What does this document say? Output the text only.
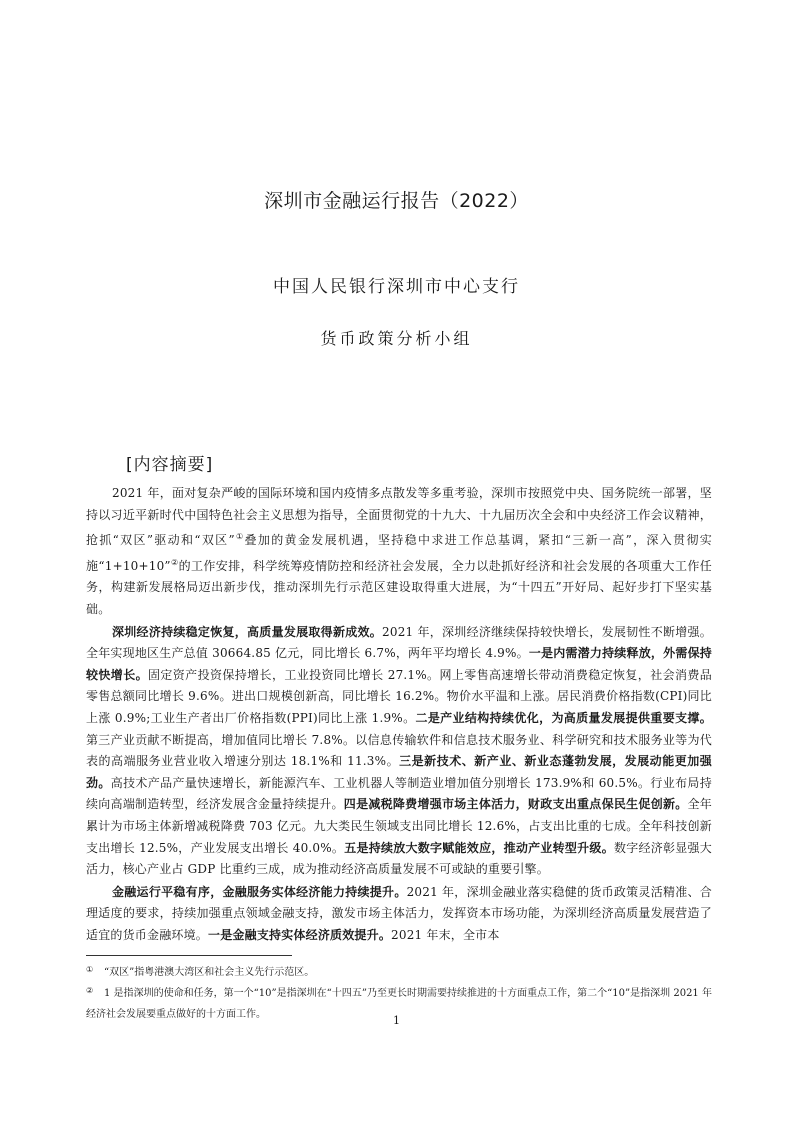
深圳市金融运行报告（2022）
中国人民银行深圳市中心支行
货币政策分析小组
[内容摘要]

2021 年，面对复杂严峻的国际环境和国内疫情多点散发等多重考验，深圳市按照党中央、国务院统一部署，坚持以习近平新时代中国特色社会主义思想为指导，全面贯彻党的十九大、十九届历次全会和中央经济工作会议精神，抢抓“双区”驱动和“双区”①叠加的黄金发展机遇，坚持稳中求进工作总基调，紧扣“三新一高”，深入贯彻实施“1+10+10”②的工作安排，科学统筹疫情防控和经济社会发展，全力以赴抓好经济和社会发展的各项重大工作任务，构建新发展格局迈出新步伐，推动深圳先行示范区建设取得重大进展，为“十四五”开好局、起好步打下坚实基础。

深圳经济持续稳定恢复，高质量发展取得新成效。2021 年，深圳经济继续保持较快增长，发展韧性不断增强。全年实现地区生产总值 30664.85 亿元，同比增长 6.7%，两年平均增长 4.9%。一是内需潜力持续释放，外需保持较快增长。固定资产投资保持增长，工业投资同比增长 27.1%。网上零售高速增长带动消费稳定恢复，社会消费品零售总额同比增长 9.6%。进出口规模创新高，同比增长 16.2%。物价水平温和上涨。居民消费价格指数(CPI)同比上涨 0.9%;工业生产者出厂价格指数(PPI)同比上涨 1.9%。二是产业结构持续优化，为高质量发展提供重要支撑。第三产业贡献不断提高，增加值同比增长 7.8%。以信息传输软件和信息技术服务业、科学研究和技术服务业等为代表的高端服务业营业收入增速分别达 18.1%和 11.3%。三是新技术、新产业、新业态蓬勃发展，发展动能更加强劲。高技术产品产量快速增长，新能源汽车、工业机器人等制造业增加值分别增长 173.9%和 60.5%。行业布局持续向高端制造转型，经济发展含金量持续提升。四是减税降费增强市场主体活力，财政支出重点保民生促创新。全年累计为市场主体新增减税降费 703 亿元。九大类民生领域支出同比增长 12.6%，占支出比重的七成。全年科技创新支出增长 12.5%，产业发展支出增长 40.0%。五是持续放大数字赋能效应，推动产业转型升级。数字经济彰显强大活力，核心产业占 GDP 比重约三成，成为推动经济高质量发展不可或缺的重要引擎。

金融运行平稳有序，金融服务实体经济能力持续提升。2021 年，深圳金融业落实稳健的货币政策灵活精准、合理适度的要求，持续加强重点领域金融支持，激发市场主体活力，发挥资本市场功能，为深圳经济高质量发展营造了适宜的货币金融环境。一是金融支持实体经济质效提升。2021 年末，全市本

① “双区”指粤港澳大湾区和社会主义先行示范区。

② 1 是指深圳的使命和任务，第一个“10”是指深圳在“十四五”乃至更长时期需要持续推进的十方面重点工作，第二个“10”是指深圳 2021 年经济社会发展要重点做好的十方面工作。	1
